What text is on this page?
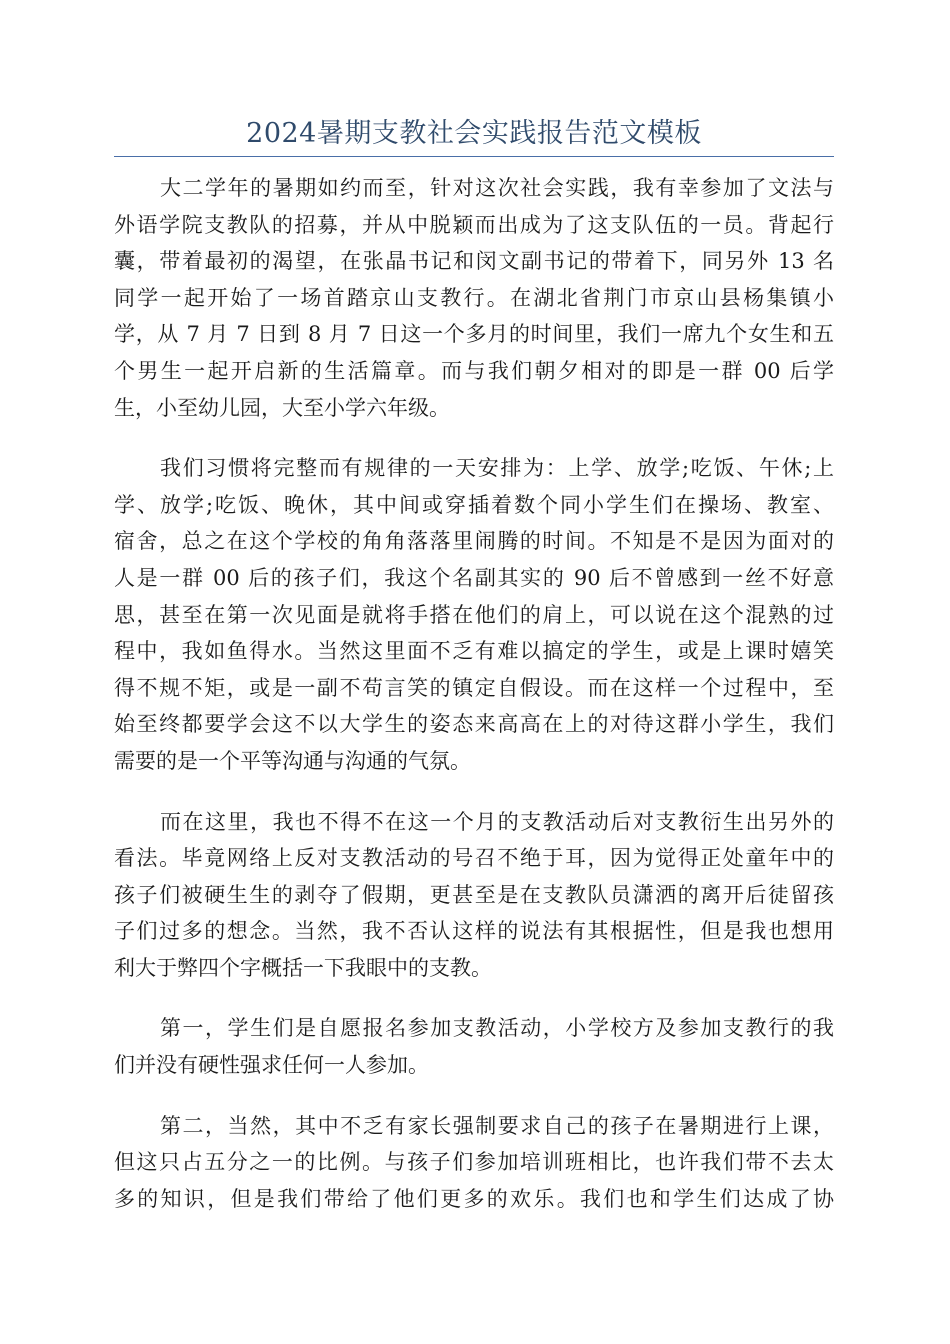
2024暑期支教社会实践报告范文模板
大二学年的暑期如约而至，针对这次社会实践，我有幸参加了文法与
外语学院支教队的招募，并从中脱颖而出成为了这支队伍的一员。背起行
囊，带着最初的渴望，在张晶书记和闵文副书记的带着下，同另外 13 名
同学一起开始了一场首踏京山支教行。在湖北省荆门市京山县杨集镇小
学，从 7 月 7 日到 8 月 7 日这一个多月的时间里，我们一席九个女生和五
个男生一起开启新的生活篇章。而与我们朝夕相对的即是一群 00 后学
生，小至幼儿园，大至小学六年级。
我们习惯将完整而有规律的一天安排为：上学、放学;吃饭、午休;上
学、放学;吃饭、晚休，其中间或穿插着数个同小学生们在操场、教室、
宿舍，总之在这个学校的角角落落里闹腾的时间。不知是不是因为面对的
人是一群 00 后的孩子们，我这个名副其实的 90 后不曾感到一丝不好意
思，甚至在第一次见面是就将手搭在他们的肩上，可以说在这个混熟的过
程中，我如鱼得水。当然这里面不乏有难以搞定的学生，或是上课时嬉笑
得不规不矩，或是一副不苟言笑的镇定自假设。而在这样一个过程中，至
始至终都要学会这不以大学生的姿态来高高在上的对待这群小学生，我们
需要的是一个平等沟通与沟通的气氛。
而在这里，我也不得不在这一个月的支教活动后对支教衍生出另外的
看法。毕竟网络上反对支教活动的号召不绝于耳，因为觉得正处童年中的
孩子们被硬生生的剥夺了假期，更甚至是在支教队员潇洒的离开后徒留孩
子们过多的想念。当然，我不否认这样的说法有其根据性，但是我也想用
利大于弊四个字概括一下我眼中的支教。
第一，学生们是自愿报名参加支教活动，小学校方及参加支教行的我
们并没有硬性强求任何一人参加。
第二，当然，其中不乏有家长强制要求自己的孩子在暑期进行上课，
但这只占五分之一的比例。与孩子们参加培训班相比，也许我们带不去太
多的知识，但是我们带给了他们更多的欢乐。我们也和学生们达成了协
